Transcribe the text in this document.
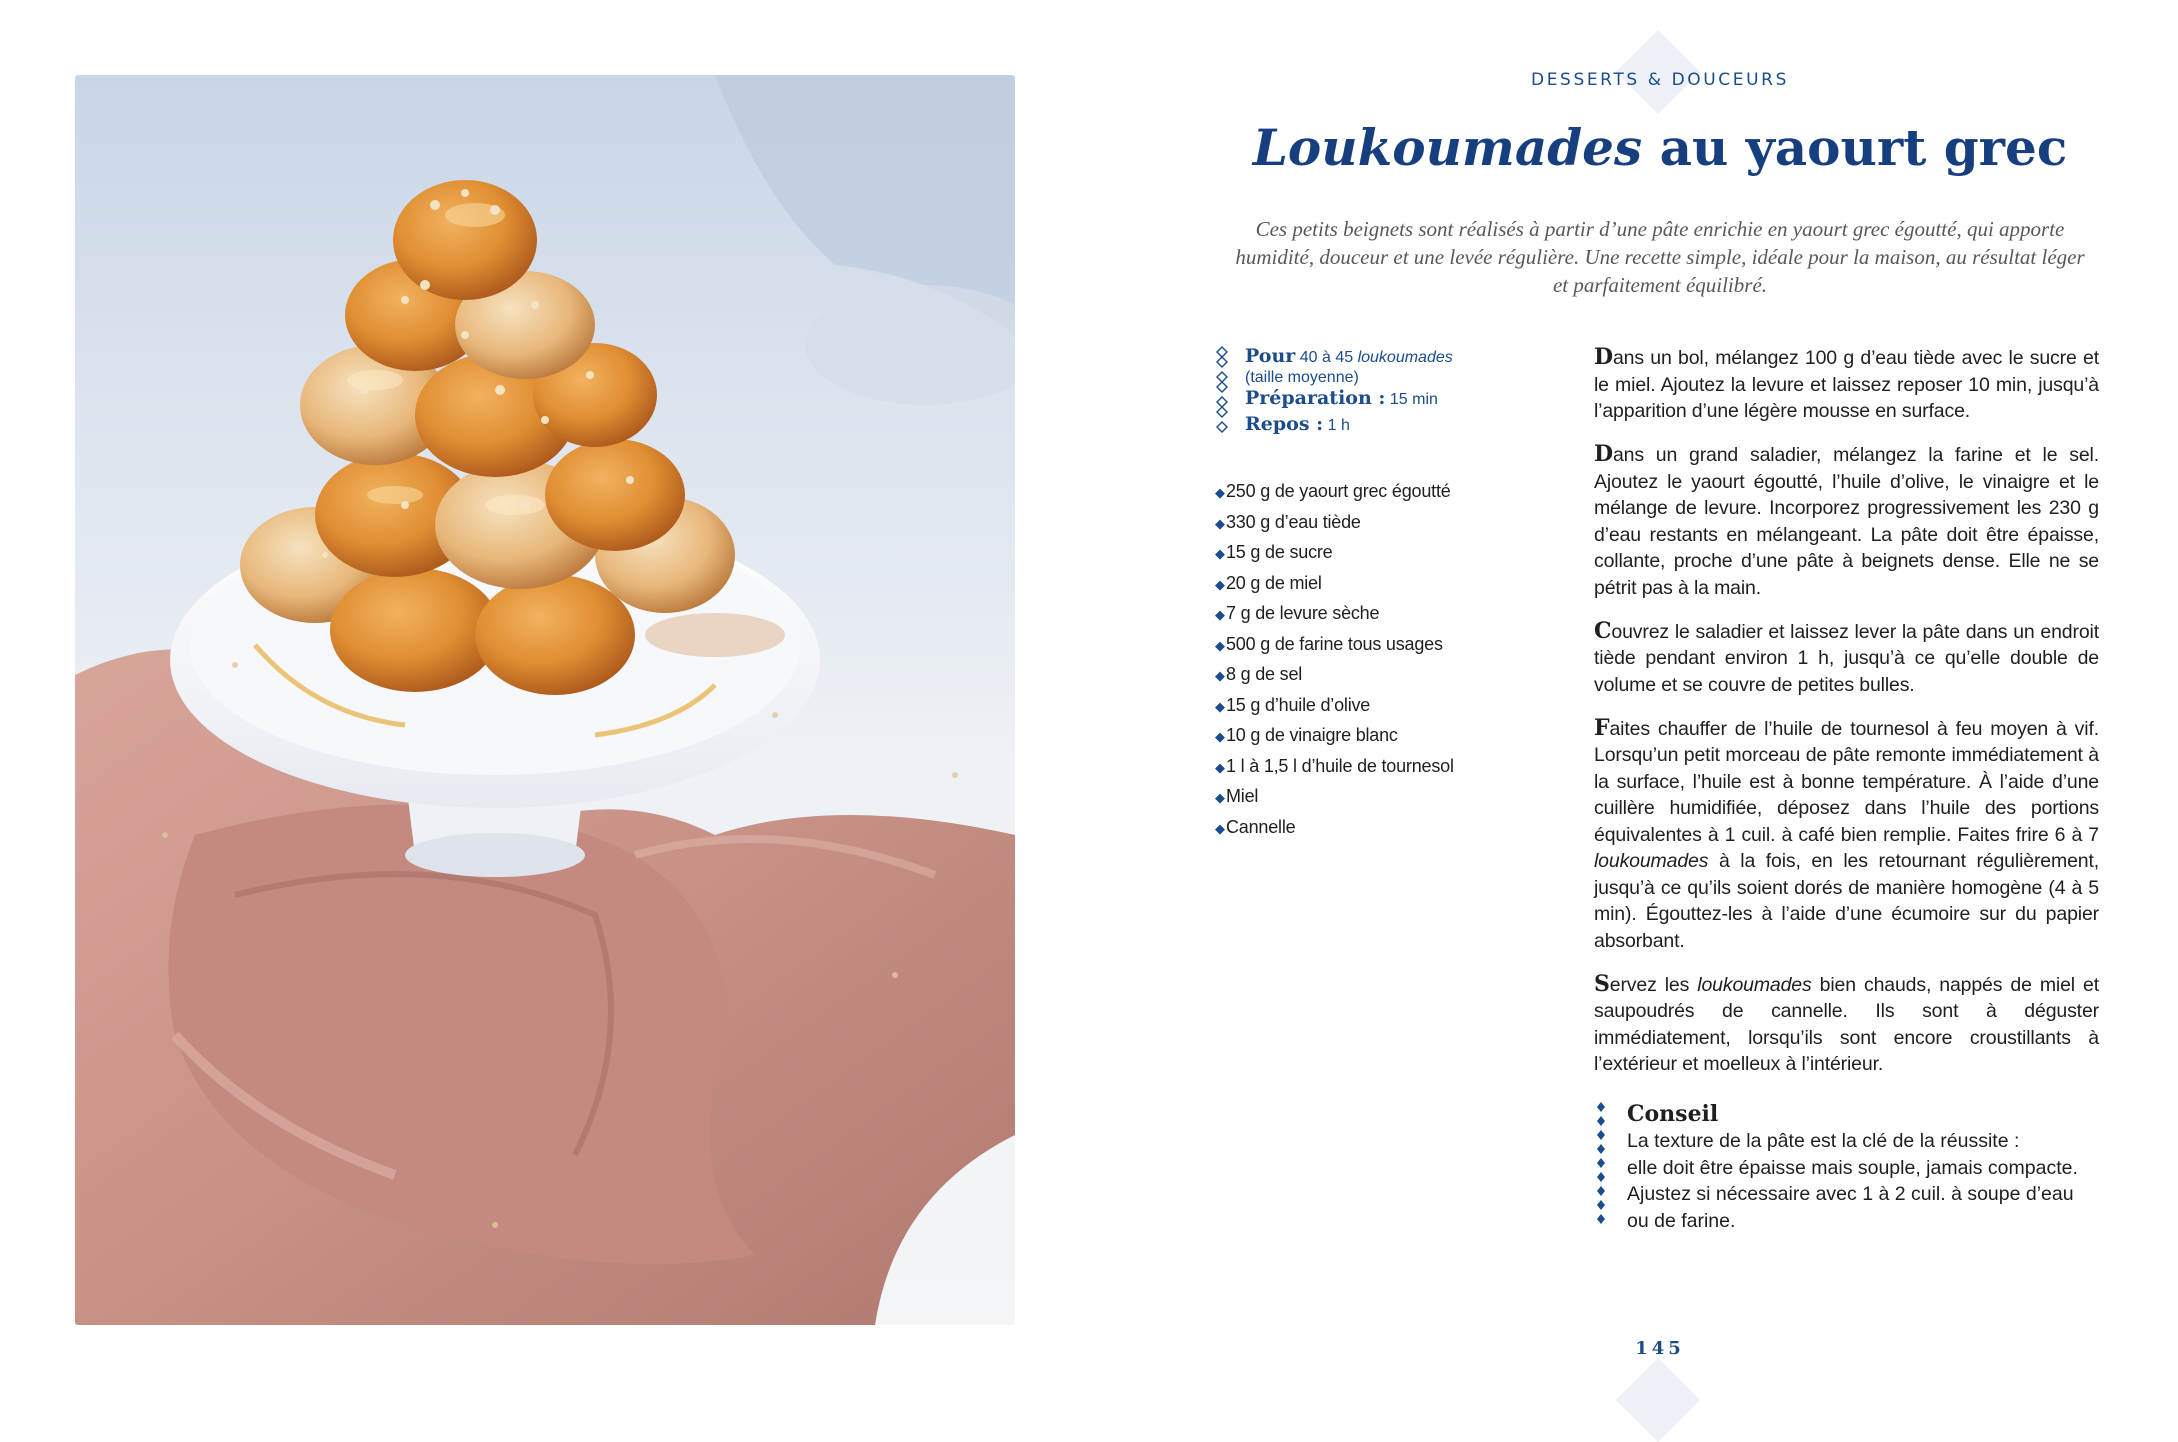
DESSERTS & DOUCEURS
Loukoumades au yaourt grec
Ces petits beignets sont réalisés à partir d’une pâte enrichie en yaourt grec égoutté, qui apporte humidité, douceur et une levée régulière. Une recette simple, idéale pour la maison, au résultat léger et parfaitement équilibré.
Pour 40 à 45 loukoumades
(taille moyenne)
Préparation : 15 min
Repos : 1 h
◆250 g de yaourt grec égoutté
◆330 g d’eau tiède
◆15 g de sucre
◆20 g de miel
◆7 g de levure sèche
◆500 g de farine tous usages
◆8 g de sel
◆15 g d’huile d’olive
◆10 g de vinaigre blanc
◆1 l à 1,5 l d’huile de tournesol
◆Miel
◆Cannelle

Dans un bol, mélangez 100 g d’eau tiède avec le sucre et le miel. Ajoutez la levure et laissez reposer 10 min, jusqu’à l’apparition d’une légère mousse en surface.

Dans un grand saladier, mélangez la farine et le sel. Ajoutez le yaourt égoutté, l’huile d’olive, le vinaigre et le mélange de levure. Incorporez progressivement les 230 g d’eau restants en mélangeant. La pâte doit être épaisse, collante, proche d’une pâte à beignets dense. Elle ne se pétrit pas à la main.

Couvrez le saladier et laissez lever la pâte dans un endroit tiède pendant environ 1 h, jusqu’à ce qu’elle double de volume et se couvre de petites bulles.

Faites chauffer de l’huile de tournesol à feu moyen à vif. Lorsqu’un petit morceau de pâte remonte immédiatement à la surface, l’huile est à bonne température. À l’aide d’une cuillère humidifiée, déposez dans l’huile des portions équivalentes à 1 cuil. à café bien remplie. Faites frire 6 à 7 loukoumades à la fois, en les retournant régulièrement, jusqu’à ce qu’ils soient dorés de manière homogène (4 à 5 min). Égouttez-les à l’aide d’une écumoire sur du papier absorbant.

Servez les loukoumades bien chauds, nappés de miel et saupoudrés de cannelle. Ils sont à déguster immédiatement, lorsqu’ils sont encore croustillants à l’extérieur et moelleux à l’intérieur.

Conseil
La texture de la pâte est la clé de la réussite :
elle doit être épaisse mais souple, jamais compacte.
Ajustez si nécessaire avec 1 à 2 cuil. à soupe d’eau
ou de farine.
145
